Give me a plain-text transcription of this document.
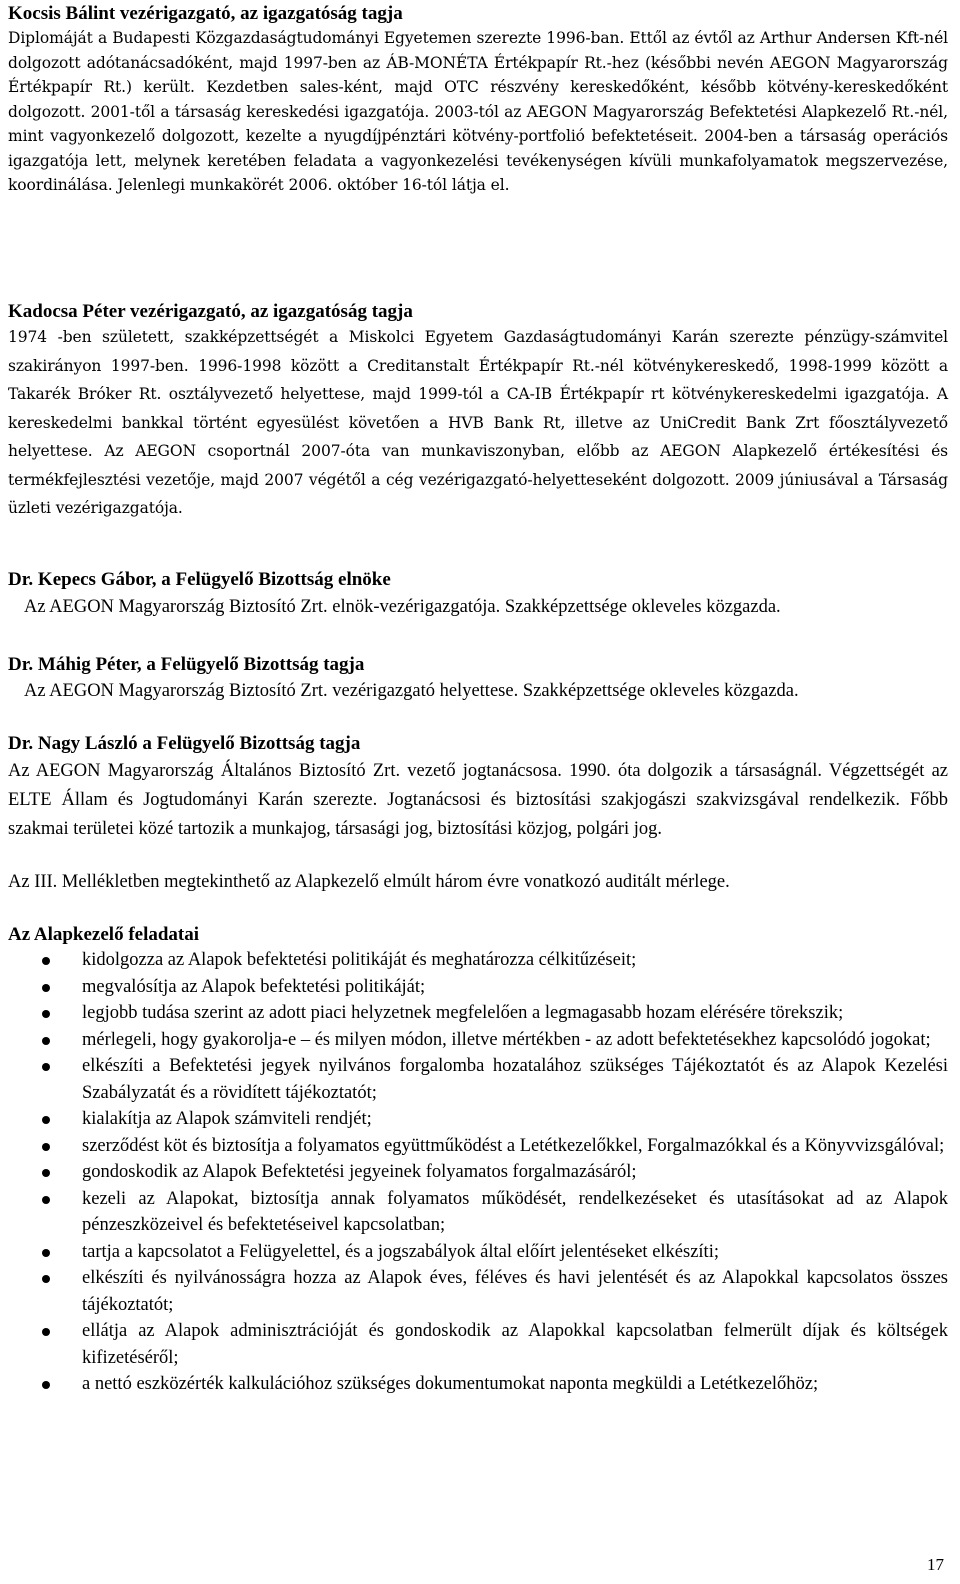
Kocsis Bálint vezérigazgató, az igazgatóság tagja

Diplomáját a Budapesti Közgazdaságtudományi Egyetemen szerezte 1996-ban. Ettől az évtől az Arthur Andersen Kft-nél dolgozott adótanácsadóként, majd 1997-ben az ÁB-MONÉTA Értékpapír Rt.-hez (későbbi nevén AEGON Magyarország Értékpapír Rt.) került. Kezdetben sales-ként, majd OTC részvény kereskedőként, később kötvény-kereskedőként dolgozott. 2001-től a társaság kereskedési igazgatója. 2003-tól az AEGON Magyarország Befektetési Alapkezelő Rt.-nél, mint vagyonkezelő dolgozott, kezelte a nyugdíjpénztári kötvény-portfolió befektetéseit. 2004-ben a társaság operációs igazgatója lett, melynek keretében feladata a vagyonkezelési tevékenységen kívüli munkafolyamatok megszervezése, koordinálása. Jelenlegi munkakörét 2006. október 16-tól látja el.

Kadocsa Péter vezérigazgató, az igazgatóság tagja

1974 -ben született, szakképzettségét a Miskolci Egyetem Gazdaságtudományi Karán szerezte pénzügy-számvitel szakirányon 1997-ben. 1996-1998 között a Creditanstalt Értékpapír Rt.-nél kötvénykereskedő, 1998-1999 között a Takarék Bróker Rt. osztályvezető helyettese, majd 1999-tól a CA-IB Értékpapír rt kötvénykereskedelmi igazgatója. A kereskedelmi bankkal történt egyesülést követően a HVB Bank Rt, illetve az UniCredit Bank Zrt főosztályvezető helyettese. Az AEGON csoportnál 2007-óta van munkaviszonyban, előbb az AEGON Alapkezelő értékesítési és termékfejlesztési vezetője, majd 2007 végétől a cég vezérigazgató-helyetteseként dolgozott. 2009 júniusával a Társaság üzleti vezérigazgatója.

Dr. Kepecs Gábor, a Felügyelő Bizottság elnöke

Az AEGON Magyarország Biztosító Zrt. elnök-vezérigazgatója. Szakképzettsége okleveles közgazda.

Dr. Máhig Péter, a Felügyelő Bizottság tagja

Az AEGON Magyarország Biztosító Zrt. vezérigazgató helyettese. Szakképzettsége okleveles közgazda.

Dr. Nagy László a Felügyelő Bizottság tagja

Az AEGON Magyarország Általános Biztosító Zrt. vezető jogtanácsosa. 1990. óta dolgozik a társaságnál. Végzettségét az ELTE Állam és Jogtudományi Karán szerezte. Jogtanácsosi és biztosítási szakjogászi szakvizsgával rendelkezik. Főbb szakmai területei közé tartozik a munkajog, társasági jog, biztosítási közjog, polgári jog.

Az III. Mellékletben megtekinthető az Alapkezelő elmúlt három évre vonatkozó auditált mérlege.

Az Alapkezelő feladatai
kidolgozza az Alapok befektetési politikáját és meghatározza célkitűzéseit;
megvalósítja az Alapok befektetési politikáját;
legjobb tudása szerint az adott piaci helyzetnek megfelelően a legmagasabb hozam elérésére törekszik;
mérlegeli, hogy gyakorolja-e – és milyen módon, illetve mértékben - az adott befektetésekhez kapcsolódó jogokat;
elkészíti a Befektetési jegyek nyilvános forgalomba hozatalához szükséges Tájékoztatót és az Alapok Kezelési Szabályzatát és a rövidített tájékoztatót;
kialakítja az Alapok számviteli rendjét;
szerződést köt és biztosítja a folyamatos együttműködést a Letétkezelőkkel, Forgalmazókkal és a Könyvvizsgálóval;
gondoskodik az Alapok Befektetési jegyeinek folyamatos forgalmazásáról;
kezeli az Alapokat, biztosítja annak folyamatos működését, rendelkezéseket és utasításokat ad az Alapok pénzeszközeivel és befektetéseivel kapcsolatban;
tartja a kapcsolatot a Felügyelettel, és a jogszabályok által előírt jelentéseket elkészíti;
elkészíti és nyilvánosságra hozza az Alapok éves, féléves és havi jelentését és az Alapokkal kapcsolatos összes tájékoztatót;
ellátja az Alapok adminisztrációját és gondoskodik az Alapokkal kapcsolatban felmerült díjak és költségek kifizetéséről;
a nettó eszközérték kalkulációhoz szükséges dokumentumokat naponta megküldi a Letétkezelőhöz;
17
